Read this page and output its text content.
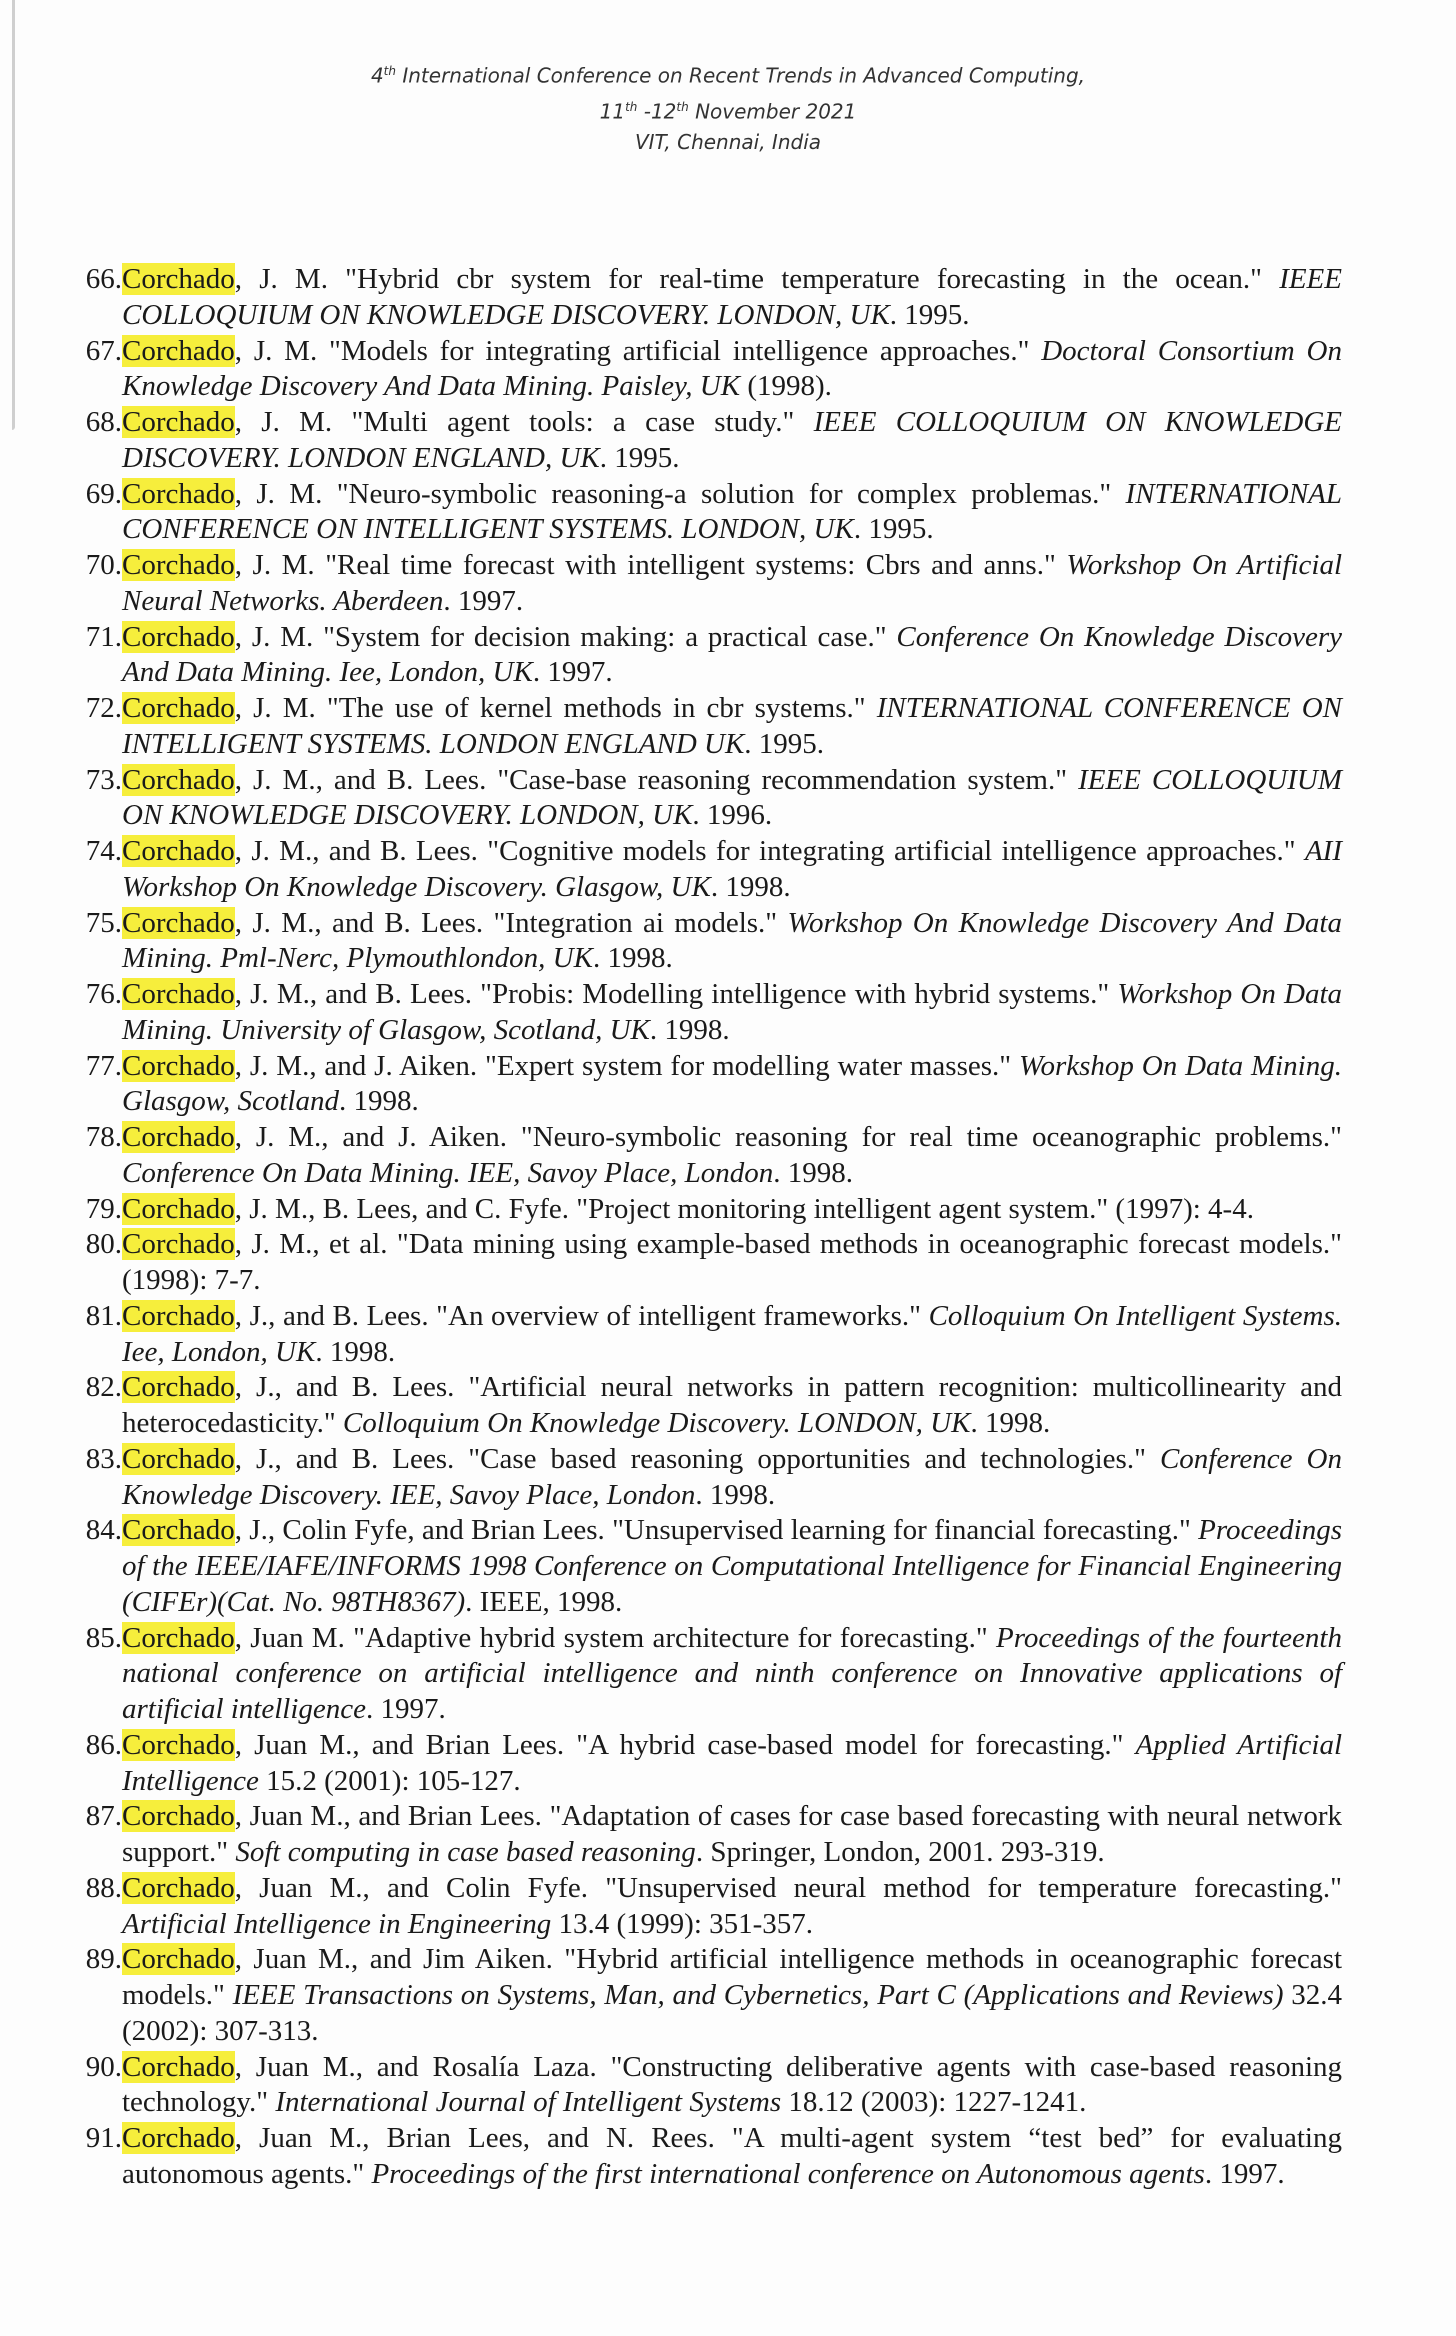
4th International Conference on Recent Trends in Advanced Computing,
11th -12th November 2021
VIT, Chennai, India
66. Corchado, J. M. "Hybrid cbr system for real-time temperature forecasting in the ocean." IEEE COLLOQUIUM ON KNOWLEDGE DISCOVERY. LONDON, UK. 1995.
67. Corchado, J. M. "Models for integrating artificial intelligence approaches." Doctoral Consortium On Knowledge Discovery And Data Mining. Paisley, UK (1998).
68. Corchado, J. M. "Multi agent tools: a case study." IEEE COLLOQUIUM ON KNOWLEDGE DISCOVERY. LONDON ENGLAND, UK. 1995.
69. Corchado, J. M. "Neuro-symbolic reasoning-a solution for complex problemas." INTERNATIONAL CONFERENCE ON INTELLIGENT SYSTEMS. LONDON, UK. 1995.
70. Corchado, J. M. "Real time forecast with intelligent systems: Cbrs and anns." Workshop On Artificial Neural Networks. Aberdeen. 1997.
71. Corchado, J. M. "System for decision making: a practical case." Conference On Knowledge Discovery And Data Mining. Iee, London, UK. 1997.
72. Corchado, J. M. "The use of kernel methods in cbr systems." INTERNATIONAL CONFERENCE ON INTELLIGENT SYSTEMS. LONDON ENGLAND UK. 1995.
73. Corchado, J. M., and B. Lees. "Case-base reasoning recommendation system." IEEE COLLOQUIUM ON KNOWLEDGE DISCOVERY. LONDON, UK. 1996.
74. Corchado, J. M., and B. Lees. "Cognitive models for integrating artificial intelligence approaches." AII Workshop On Knowledge Discovery. Glasgow, UK. 1998.
75. Corchado, J. M., and B. Lees. "Integration ai models." Workshop On Knowledge Discovery And Data Mining. Pml-Nerc, Plymouthlondon, UK. 1998.
76. Corchado, J. M., and B. Lees. "Probis: Modelling intelligence with hybrid systems." Workshop On Data Mining. University of Glasgow, Scotland, UK. 1998.
77. Corchado, J. M., and J. Aiken. "Expert system for modelling water masses." Workshop On Data Mining. Glasgow, Scotland. 1998.
78. Corchado, J. M., and J. Aiken. "Neuro-symbolic reasoning for real time oceanographic problems." Conference On Data Mining. IEE, Savoy Place, London. 1998.
79. Corchado, J. M., B. Lees, and C. Fyfe. "Project monitoring intelligent agent system." (1997): 4-4.
80. Corchado, J. M., et al. "Data mining using example-based methods in oceanographic forecast models." (1998): 7-7.
81. Corchado, J., and B. Lees. "An overview of intelligent frameworks." Colloquium On Intelligent Systems. Iee, London, UK. 1998.
82. Corchado, J., and B. Lees. "Artificial neural networks in pattern recognition: multicollinearity and heterocedasticity." Colloquium On Knowledge Discovery. LONDON, UK. 1998.
83. Corchado, J., and B. Lees. "Case based reasoning opportunities and technologies." Conference On Knowledge Discovery. IEE, Savoy Place, London. 1998.
84. Corchado, J., Colin Fyfe, and Brian Lees. "Unsupervised learning for financial forecasting." Proceedings of the IEEE/IAFE/INFORMS 1998 Conference on Computational Intelligence for Financial Engineering (CIFEr)(Cat. No. 98TH8367). IEEE, 1998.
85. Corchado, Juan M. "Adaptive hybrid system architecture for forecasting." Proceedings of the fourteenth national conference on artificial intelligence and ninth conference on Innovative applications of artificial intelligence. 1997.
86. Corchado, Juan M., and Brian Lees. "A hybrid case-based model for forecasting." Applied Artificial Intelligence 15.2 (2001): 105-127.
87. Corchado, Juan M., and Brian Lees. "Adaptation of cases for case based forecasting with neural network support." Soft computing in case based reasoning. Springer, London, 2001. 293-319.
88. Corchado, Juan M., and Colin Fyfe. "Unsupervised neural method for temperature forecasting." Artificial Intelligence in Engineering 13.4 (1999): 351-357.
89. Corchado, Juan M., and Jim Aiken. "Hybrid artificial intelligence methods in oceanographic forecast models." IEEE Transactions on Systems, Man, and Cybernetics, Part C (Applications and Reviews) 32.4 (2002): 307-313.
90. Corchado, Juan M., and Rosalía Laza. "Constructing deliberative agents with case-based reasoning technology." International Journal of Intelligent Systems 18.12 (2003): 1227-1241.
91. Corchado, Juan M., Brian Lees, and N. Rees. "A multi-agent system “test bed” for evaluating autonomous agents." Proceedings of the first international conference on Autonomous agents. 1997.
